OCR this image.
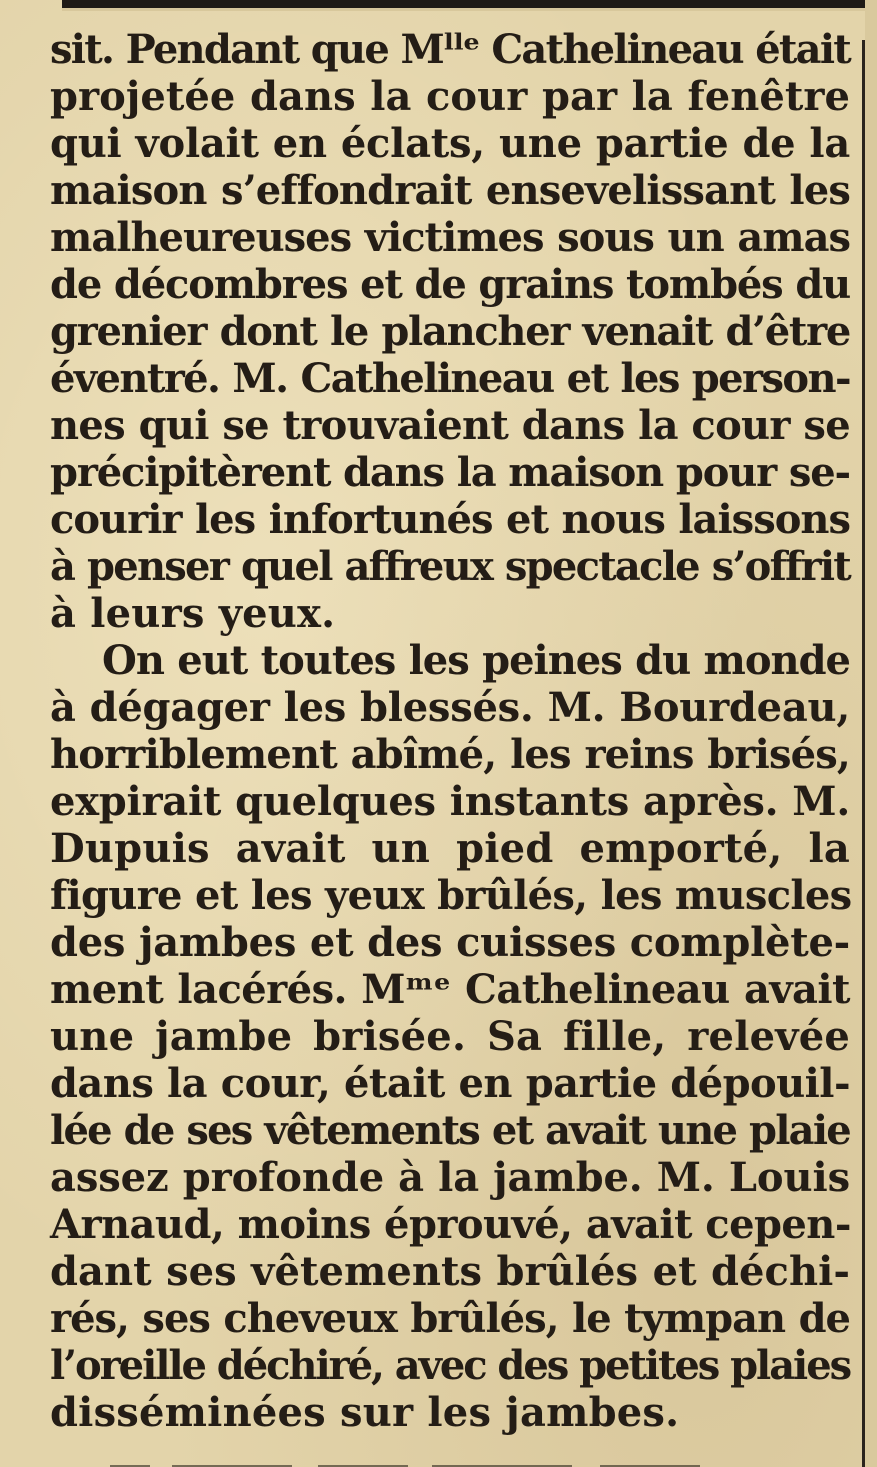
sit. Pendant que Mˡˡᵉ Cathelineau était
projetée dans la cour par la fenêtre
qui volait en éclats, une partie de la
maison s’effondrait ensevelissant les
malheureuses victimes sous un amas
de décombres et de grains tombés du
grenier dont le plancher venait d’être
éventré. M. Cathelineau et les person-
nes qui se trouvaient dans la cour se
précipitèrent dans la maison pour se-
courir les infortunés et nous laissons
à penser quel affreux spectacle s’offrit
à leurs yeux.
On eut toutes les peines du monde
à dégager les blessés. M. Bourdeau,
horriblement abîmé, les reins brisés,
expirait quelques instants après. M.
Dupuis avait un pied emporté, la
figure et les yeux brûlés, les muscles
des jambes et des cuisses complète-
ment lacérés. Mᵐᵉ Cathelineau avait
une jambe brisée. Sa fille, relevée
dans la cour, était en partie dépouil-
lée de ses vêtements et avait une plaie
assez profonde à la jambe. M. Louis
Arnaud, moins éprouvé, avait cepen-
dant ses vêtements brûlés et déchi-
rés, ses cheveux brûlés, le tympan de
l’oreille déchiré, avec des petites plaies
disséminées sur les jambes.
